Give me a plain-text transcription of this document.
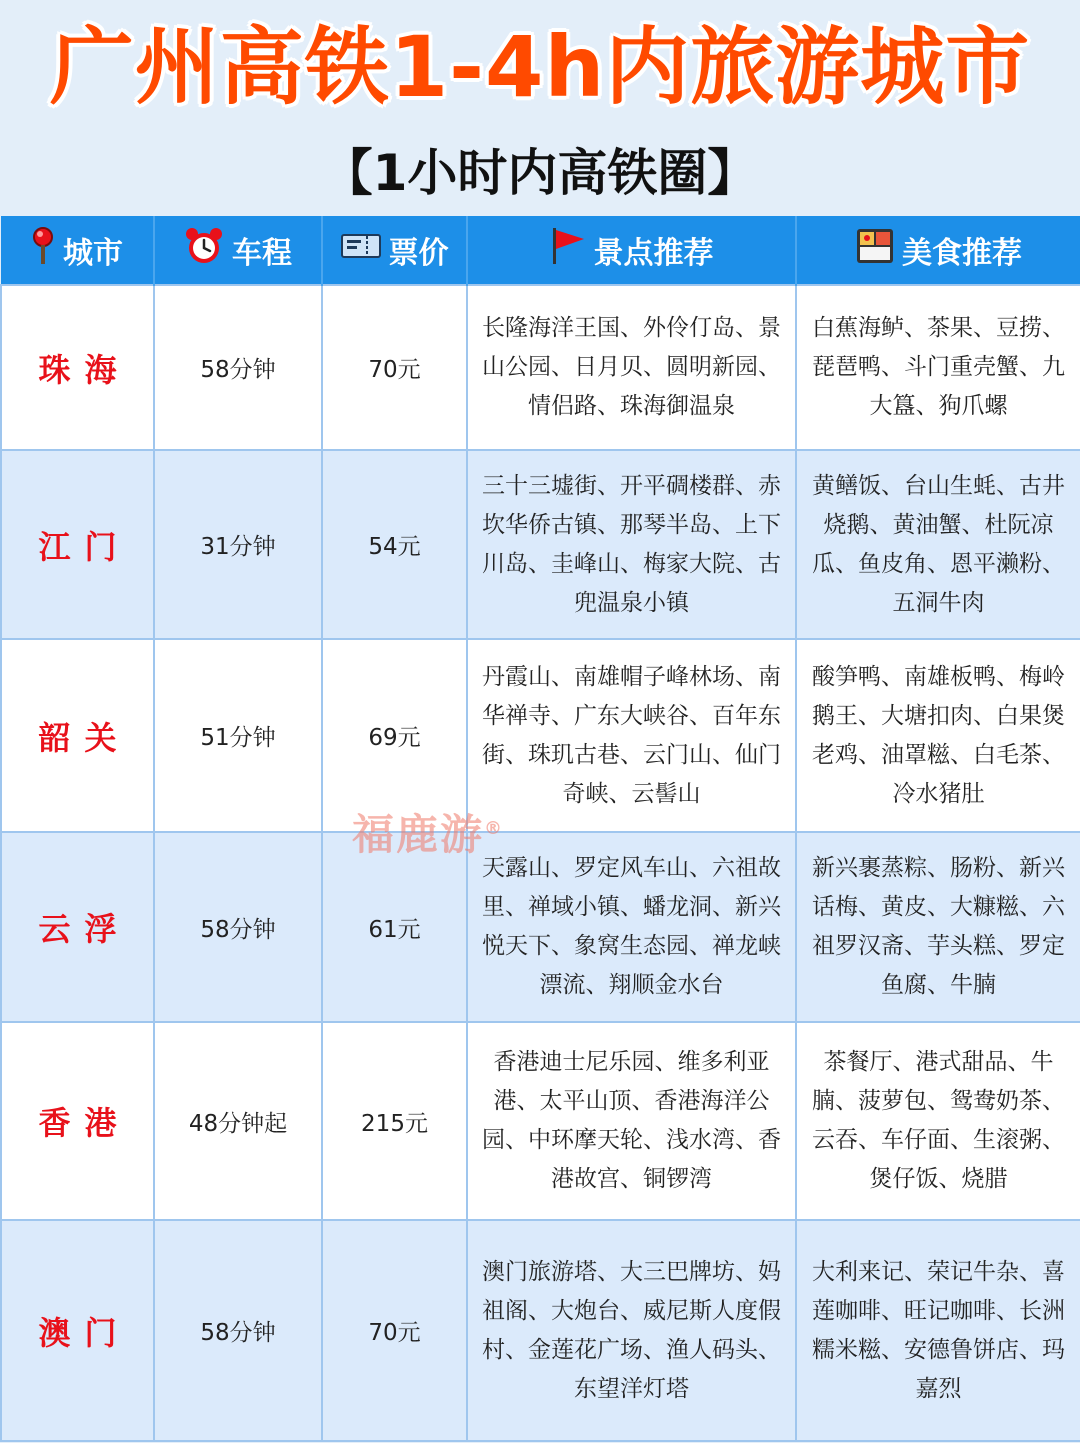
广州高铁1-4h内旅游城市
【1小时内高铁圈】
城市	车程	票价	景点推荐	美食推荐
珠海	58分钟	70元	长隆海洋王国、外伶仃岛、景山公园、日月贝、圆明新园、情侣路、珠海御温泉	白蕉海鲈、茶果、豆捞、琵琶鸭、斗门重壳蟹、九大簋、狗爪螺
江门	31分钟	54元	三十三墟街、开平碉楼群、赤坎华侨古镇、那琴半岛、上下川岛、圭峰山、梅家大院、古兜温泉小镇	黄鳝饭、台山生蚝、古井烧鹅、黄油蟹、杜阮凉瓜、鱼皮角、恩平濑粉、五洞牛肉
韶关	51分钟	69元	丹霞山、南雄帽子峰林场、南华禅寺、广东大峡谷、百年东街、珠玑古巷、云门山、仙门奇峡、云髻山	酸笋鸭、南雄板鸭、梅岭鹅王、大塘扣肉、白果煲老鸡、油罩糍、白毛茶、冷水猪肚
云浮	58分钟	61元	天露山、罗定风车山、六祖故里、禅域小镇、蟠龙洞、新兴悦天下、象窝生态园、禅龙峡漂流、翔顺金水台	新兴裹蒸粽、肠粉、新兴话梅、黄皮、大糠糍、六祖罗汉斋、芋头糕、罗定鱼腐、牛腩
香港	48分钟起	215元	香港迪士尼乐园、维多利亚港、太平山顶、香港海洋公园、中环摩天轮、浅水湾、香港故宫、铜锣湾	茶餐厅、港式甜品、牛腩、菠萝包、鸳鸯奶茶、云吞、车仔面、生滚粥、煲仔饭、烧腊
澳门	58分钟	70元	澳门旅游塔、大三巴牌坊、妈祖阁、大炮台、威尼斯人度假村、金莲花广场、渔人码头、东望洋灯塔	大利来记、荣记牛杂、喜莲咖啡、旺记咖啡、长洲糯米糍、安德鲁饼店、玛嘉烈
福鹿游®
